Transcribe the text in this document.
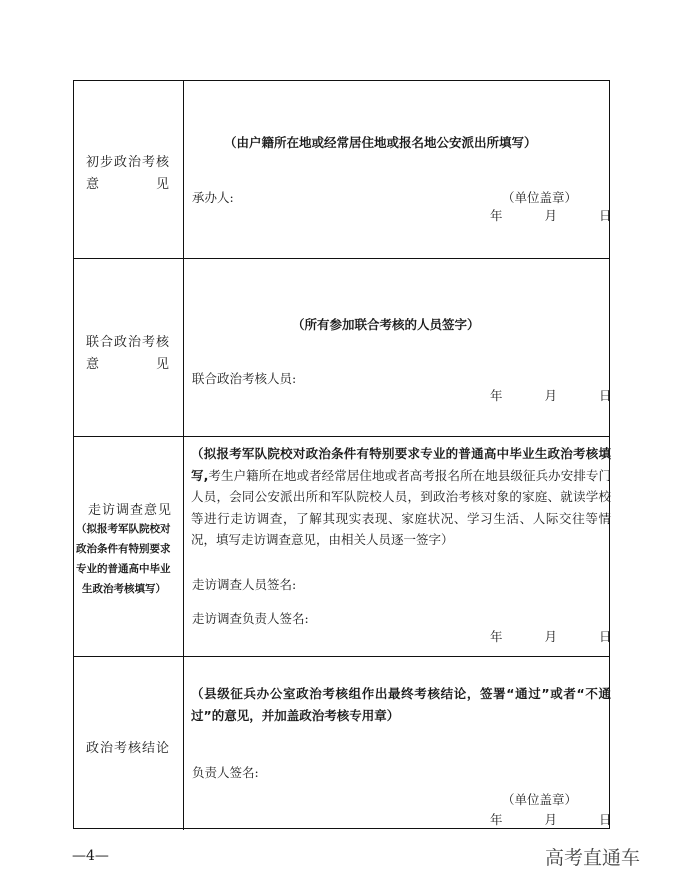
初步政治考核
意　　　　见
（由户籍所在地或经常居住地或报名地公安派出所填写）
承办人:	（单位盖章）
年	月	日
联合政治考核
意　　　　见
（所有参加联合考核的人员签字）
联合政治考核人员:
年	月	日
走访调查意见
（拟报考军队院校对
政治条件有特别要求
专业的普通高中毕业
生政治考核填写）
（拟报考军队院校对政治条件有特别要求专业的普通高中毕业生政治考核填写,考生户籍所在地或者经常居住地或者高考报名所在地县级征兵办安排专门人员，会同公安派出所和军队院校人员，到政治考核对象的家庭、就读学校等进行走访调查，了解其现实表现、家庭状况、学习生活、人际交往等情况，填写走访调查意见，由相关人员逐一签字）
走访调查人员签名:
走访调查负责人签名:
年	月	日
政治考核结论
（县级征兵办公室政治考核组作出最终考核结论，签署“通过”或者“不通过”的意见，并加盖政治考核专用章）
负责人签名:
（单位盖章）
年	月	日
—4—	高考直通车
